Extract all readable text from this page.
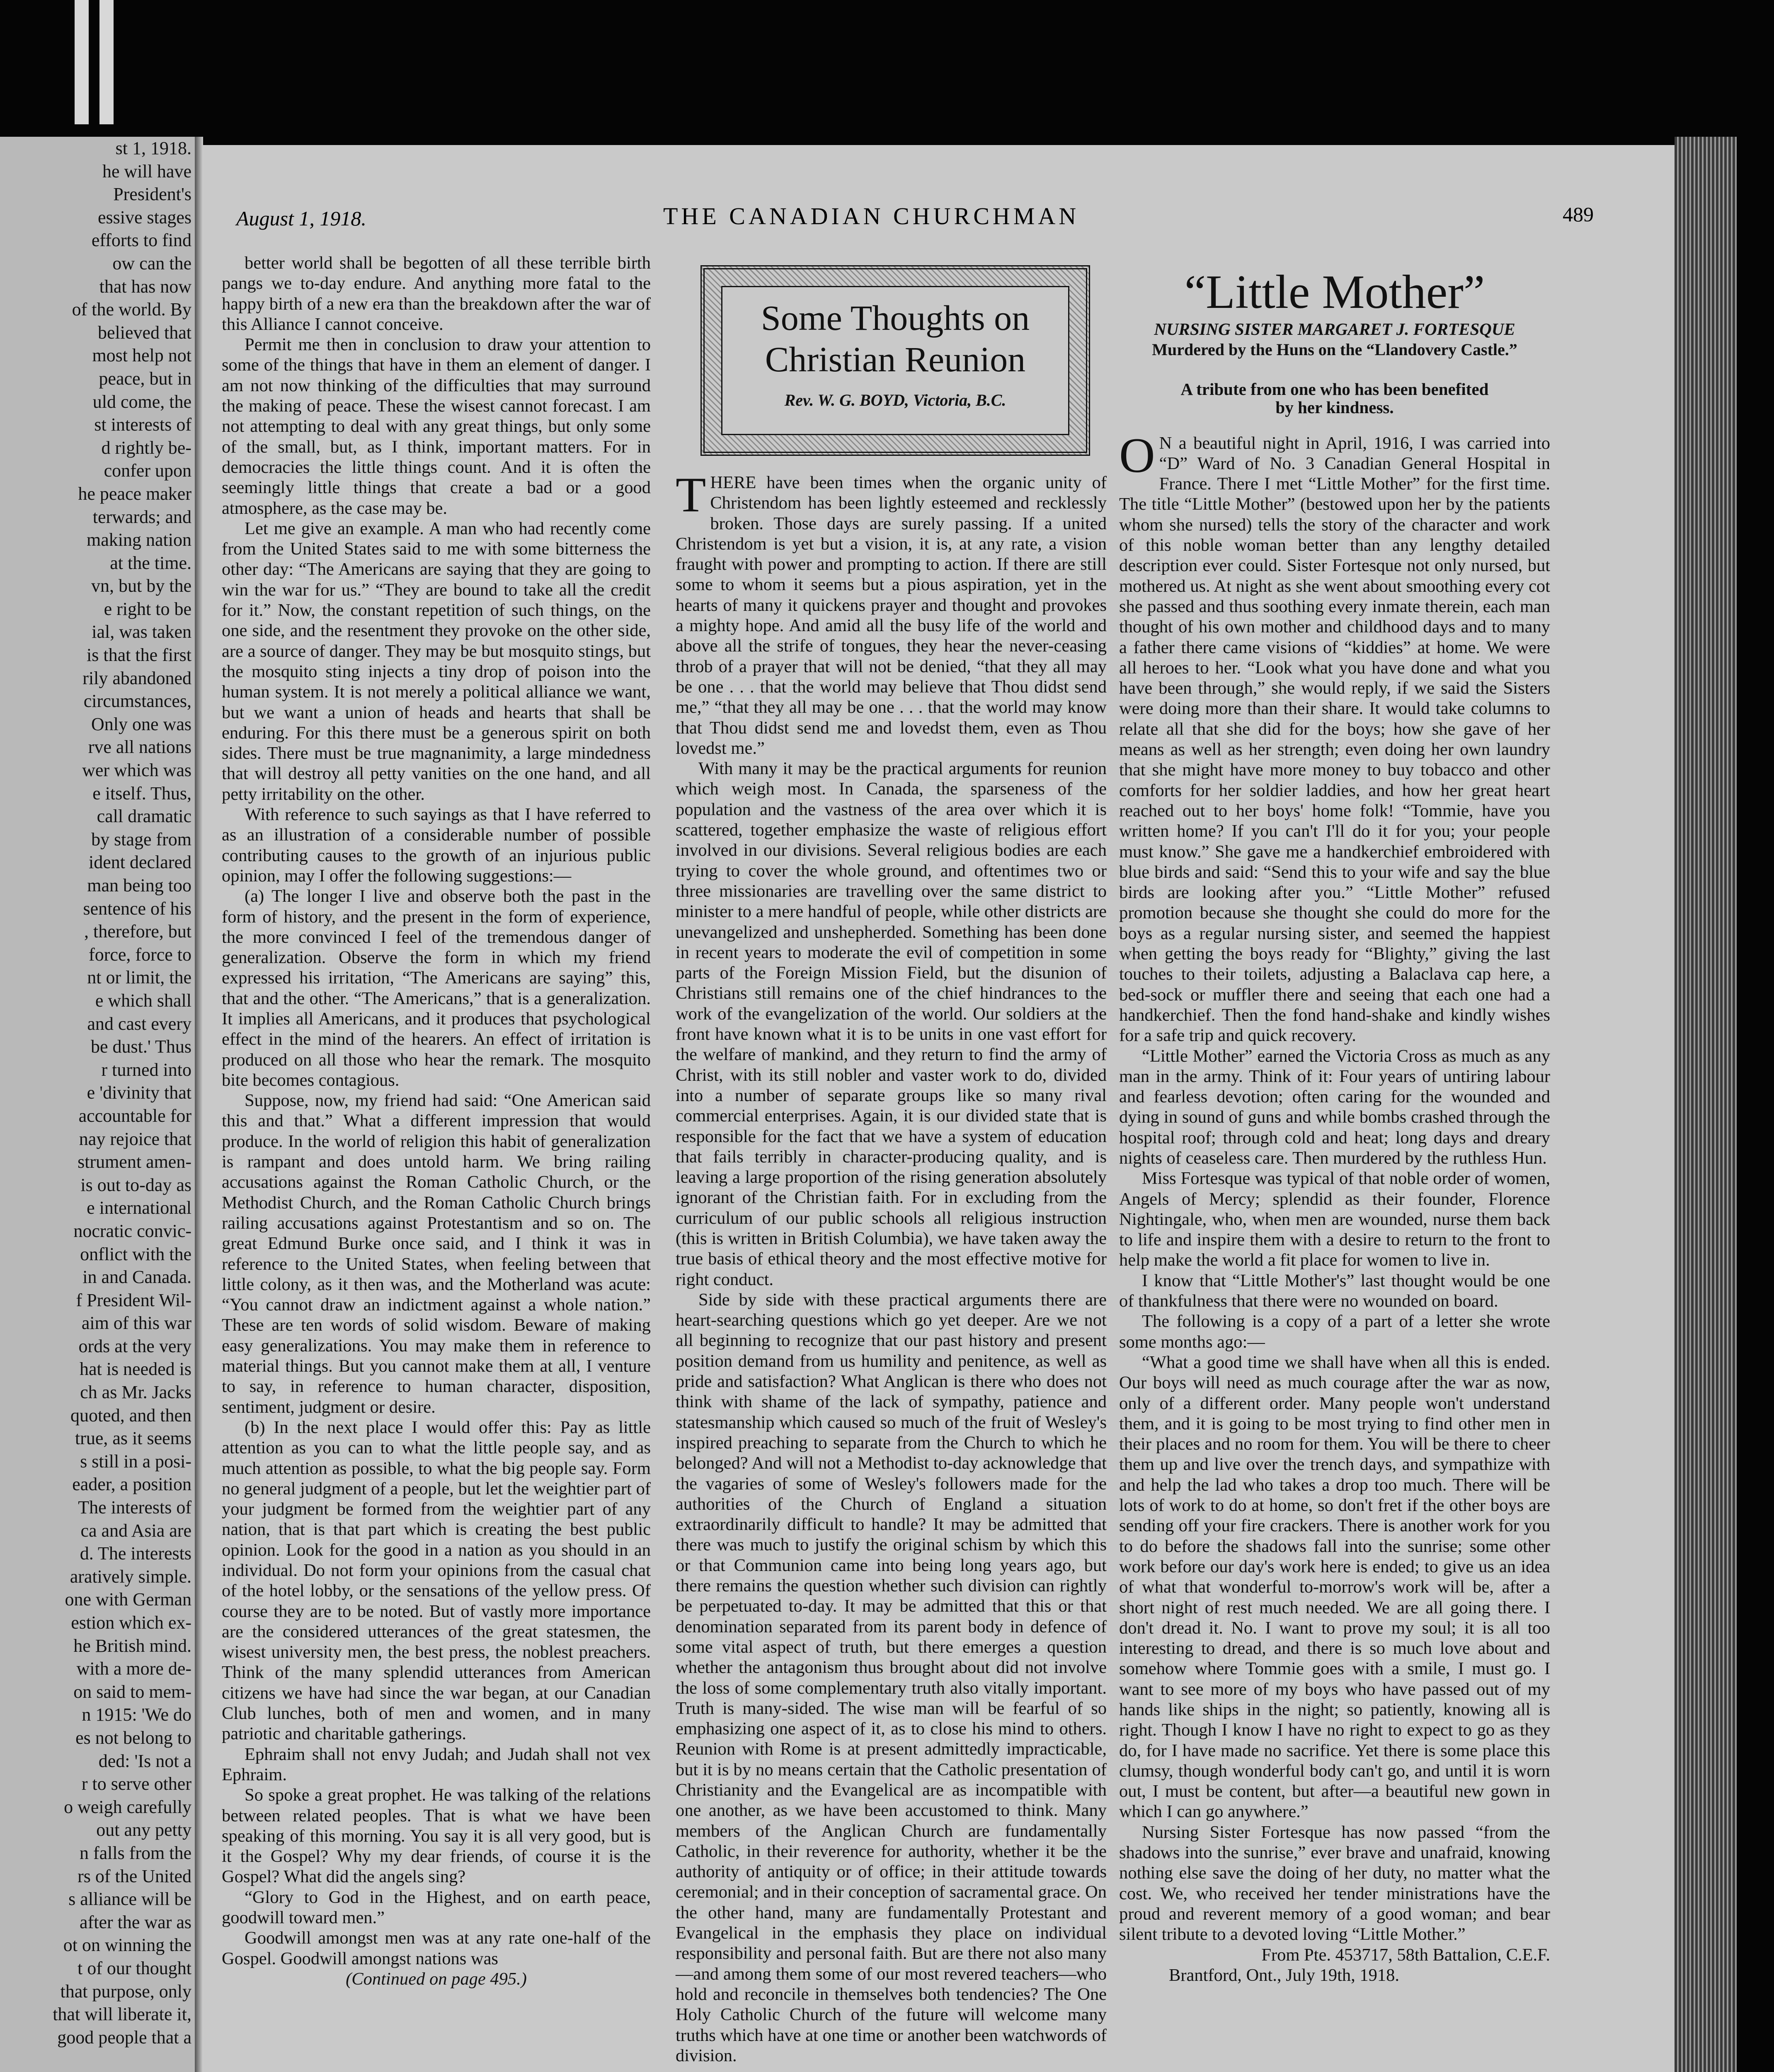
st 1, 1918.
he will have
President's
essive stages
efforts to find
ow can the
that has now
of the world. By
believed that
most help not
peace, but in
uld come, the
st interests of
d rightly be-
confer upon
he peace maker
terwards; and
making nation
at the time.
vn, but by the
e right to be
ial, was taken
is that the first
rily abandoned
circumstances,
Only one was
rve all nations
wer which was
e itself. Thus,
call dramatic
by stage from
ident declared
man being too
sentence of his
, therefore, but
force, force to
nt or limit, the
e which shall
and cast every
be dust.' Thus
r turned into
e 'divinity that
accountable for
nay rejoice that
strument amen-
is out to-day as
e international
nocratic convic-
onflict with the
in and Canada.
f President Wil-
aim of this war
ords at the very
hat is needed is
ch as Mr. Jacks
quoted, and then
true, as it seems
s still in a posi-
eader, a position
The interests of
ca and Asia are
d. The interests
aratively simple.
one with German
estion which ex-
he British mind.
with a more de-
on said to mem-
n 1915: 'We do
es not belong to
ded: 'Is not a
r to serve other
o weigh carefully
out any petty
n falls from the
rs of the United
s alliance will be
after the war as
ot on winning the
t of our thought
that purpose, only
that will liberate it,
good people that a
August 1, 1918.	THE CANADIAN CHURCHMAN	489

better world shall be begotten of all these terrible birth pangs we to-day endure. And anything more fatal to the happy birth of a new era than the breakdown after the war of this Alliance I cannot conceive.

Permit me then in conclusion to draw your attention to some of the things that have in them an element of danger. I am not now thinking of the difficulties that may surround the making of peace. These the wisest cannot forecast. I am not attempting to deal with any great things, but only some of the small, but, as I think, important matters. For in democracies the little things count. And it is often the seemingly little things that create a bad or a good atmosphere, as the case may be.

Let me give an example. A man who had recently come from the United States said to me with some bitterness the other day: “The Americans are saying that they are going to win the war for us.” “They are bound to take all the credit for it.” Now, the constant repetition of such things, on the one side, and the resentment they provoke on the other side, are a source of danger. They may be but mosquito stings, but the mosquito sting injects a tiny drop of poison into the human system. It is not merely a political alliance we want, but we want a union of heads and hearts that shall be enduring. For this there must be a generous spirit on both sides. There must be true magnanimity, a large mindedness that will destroy all petty vanities on the one hand, and all petty irritability on the other.

With reference to such sayings as that I have referred to as an illustration of a considerable number of possible contributing causes to the growth of an injurious public opinion, may I offer the following suggestions:—

(a) The longer I live and observe both the past in the form of history, and the present in the form of experience, the more convinced I feel of the tremendous danger of generalization. Observe the form in which my friend expressed his irritation, “The Americans are saying” this, that and the other. “The Americans,” that is a generalization. It implies all Americans, and it produces that psychological effect in the mind of the hearers. An effect of irritation is produced on all those who hear the remark. The mosquito bite becomes contagious.

Suppose, now, my friend had said: “One American said this and that.” What a different impression that would produce. In the world of religion this habit of generalization is rampant and does untold harm. We bring railing accusations against the Roman Catholic Church, or the Methodist Church, and the Roman Catholic Church brings railing accusations against Protestantism and so on. The great Edmund Burke once said, and I think it was in reference to the United States, when feeling between that little colony, as it then was, and the Motherland was acute: “You cannot draw an indictment against a whole nation.” These are ten words of solid wisdom. Beware of making easy generalizations. You may make them in reference to material things. But you cannot make them at all, I venture to say, in reference to human character, disposition, sentiment, judgment or desire.

(b) In the next place I would offer this: Pay as little attention as you can to what the little people say, and as much attention as possible, to what the big people say. Form no general judgment of a people, but let the weightier part of your judgment be formed from the weightier part of any nation, that is that part which is creating the best public opinion. Look for the good in a nation as you should in an individual. Do not form your opinions from the casual chat of the hotel lobby, or the sensations of the yellow press. Of course they are to be noted. But of vastly more importance are the considered utterances of the great statesmen, the wisest university men, the best press, the noblest preachers. Think of the many splendid utterances from American citizens we have had since the war began, at our Canadian Club lunches, both of men and women, and in many patriotic and charitable gatherings.

Ephraim shall not envy Judah; and Judah shall not vex Ephraim.

So spoke a great prophet. He was talking of the relations between related peoples. That is what we have been speaking of this morning. You say it is all very good, but is it the Gospel? Why my dear friends, of course it is the Gospel? What did the angels sing?

“Glory to God in the Highest, and on earth peace, goodwill toward men.”

Goodwill amongst men was at any rate one-half of the Gospel. Goodwill amongst nations was

(Continued on page 495.)

Some Thoughts on Christian Reunion
Rev. W. G. BOYD, Victoria, B.C.

THERE have been times when the organic unity of Christendom has been lightly esteemed and recklessly broken. Those days are surely passing. If a united Christendom is yet but a vision, it is, at any rate, a vision fraught with power and prompting to action. If there are still some to whom it seems but a pious aspiration, yet in the hearts of many it quickens prayer and thought and provokes a mighty hope. And amid all the busy life of the world and above all the strife of tongues, they hear the never-ceasing throb of a prayer that will not be denied, “that they all may be one . . . that the world may believe that Thou didst send me,” “that they all may be one . . . that the world may know that Thou didst send me and lovedst them, even as Thou lovedst me.”

With many it may be the practical arguments for reunion which weigh most. In Canada, the sparseness of the population and the vastness of the area over which it is scattered, together emphasize the waste of religious effort involved in our divisions. Several religious bodies are each trying to cover the whole ground, and oftentimes two or three missionaries are travelling over the same district to minister to a mere handful of people, while other districts are unevangelized and unshepherded. Something has been done in recent years to moderate the evil of competition in some parts of the Foreign Mission Field, but the disunion of Christians still remains one of the chief hindrances to the work of the evangelization of the world. Our soldiers at the front have known what it is to be units in one vast effort for the welfare of mankind, and they return to find the army of Christ, with its still nobler and vaster work to do, divided into a number of separate groups like so many rival commercial enterprises. Again, it is our divided state that is responsible for the fact that we have a system of education that fails terribly in character-producing quality, and is leaving a large proportion of the rising generation absolutely ignorant of the Christian faith. For in excluding from the curriculum of our public schools all religious instruction (this is written in British Columbia), we have taken away the true basis of ethical theory and the most effective motive for right conduct.

Side by side with these practical arguments there are heart-searching questions which go yet deeper. Are we not all beginning to recognize that our past history and present position demand from us humility and penitence, as well as pride and satisfaction? What Anglican is there who does not think with shame of the lack of sympathy, patience and statesmanship which caused so much of the fruit of Wesley's inspired preaching to separate from the Church to which he belonged? And will not a Methodist to-day acknowledge that the vagaries of some of Wesley's followers made for the authorities of the Church of England a situation extraordinarily difficult to handle? It may be admitted that there was much to justify the original schism by which this or that Communion came into being long years ago, but there remains the question whether such division can rightly be perpetuated to-day. It may be admitted that this or that denomination separated from its parent body in defence of some vital aspect of truth, but there emerges a question whether the antagonism thus brought about did not involve the loss of some complementary truth also vitally important. Truth is many-sided. The wise man will be fearful of so emphasizing one aspect of it, as to close his mind to others. Reunion with Rome is at present admittedly impracticable, but it is by no means certain that the Catholic presentation of Christianity and the Evangelical are as incompatible with one another, as we have been accustomed to think. Many members of the Anglican Church are fundamentally Catholic, in their reverence for authority, whether it be the authority of antiquity or of office; in their attitude towards ceremonial; and in their conception of sacramental grace. On the other hand, many are fundamentally Protestant and Evangelical in the emphasis they place on individual responsibility and personal faith. But are there not also many—and among them some of our most revered teachers—who hold and reconcile in themselves both tendencies? The One Holy Catholic Church of the future will welcome many truths which have at one time or another been watchwords of division.

“Little Mother”
NURSING SISTER MARGARET J. FORTESQUE
Murdered by the Huns on the “Llandovery Castle.”
A tribute from one who has been benefited by her kindness.

O N a beautiful night in April, 1916, I was carried into “D” Ward of No. 3 Canadian General Hospital in France. There I met “Little Mother” for the first time. The title “Little Mother” (bestowed upon her by the patients whom she nursed) tells the story of the character and work of this noble woman better than any lengthy detailed description ever could. Sister Fortesque not only nursed, but mothered us. At night as she went about smoothing every cot she passed and thus soothing every inmate therein, each man thought of his own mother and childhood days and to many a father there came visions of “kiddies” at home. We were all heroes to her. “Look what you have done and what you have been through,” she would reply, if we said the Sisters were doing more than their share. It would take columns to relate all that she did for the boys; how she gave of her means as well as her strength; even doing her own laundry that she might have more money to buy tobacco and other comforts for her soldier laddies, and how her great heart reached out to her boys' home folk! “Tommie, have you written home? If you can't I'll do it for you; your people must know.” She gave me a handkerchief embroidered with blue birds and said: “Send this to your wife and say the blue birds are looking after you.” “Little Mother” refused promotion because she thought she could do more for the boys as a regular nursing sister, and seemed the happiest when getting the boys ready for “Blighty,” giving the last touches to their toilets, adjusting a Balaclava cap here, a bed-sock or muffler there and seeing that each one had a handkerchief. Then the fond hand-shake and kindly wishes for a safe trip and quick recovery.

“Little Mother” earned the Victoria Cross as much as any man in the army. Think of it: Four years of untiring labour and fearless devotion; often caring for the wounded and dying in sound of guns and while bombs crashed through the hospital roof; through cold and heat; long days and dreary nights of ceaseless care. Then murdered by the ruthless Hun.

Miss Fortesque was typical of that noble order of women, Angels of Mercy; splendid as their founder, Florence Nightingale, who, when men are wounded, nurse them back to life and inspire them with a desire to return to the front to help make the world a fit place for women to live in.

I know that “Little Mother's” last thought would be one of thankfulness that there were no wounded on board.

The following is a copy of a part of a letter she wrote some months ago:—

“What a good time we shall have when all this is ended. Our boys will need as much courage after the war as now, only of a different order. Many people won't understand them, and it is going to be most trying to find other men in their places and no room for them. You will be there to cheer them up and live over the trench days, and sympathize with and help the lad who takes a drop too much. There will be lots of work to do at home, so don't fret if the other boys are sending off your fire crackers. There is another work for you to do before the shadows fall into the sunrise; some other work before our day's work here is ended; to give us an idea of what that wonderful to-morrow's work will be, after a short night of rest much needed. We are all going there. I don't dread it. No. I want to prove my soul; it is all too interesting to dread, and there is so much love about and somehow where Tommie goes with a smile, I must go. I want to see more of my boys who have passed out of my hands like ships in the night; so patiently, knowing all is right. Though I know I have no right to expect to go as they do, for I have made no sacrifice. Yet there is some place this clumsy, though wonderful body can't go, and until it is worn out, I must be content, but after—a beautiful new gown in which I can go anywhere.”

Nursing Sister Fortesque has now passed “from the shadows into the sunrise,” ever brave and unafraid, knowing nothing else save the doing of her duty, no matter what the cost. We, who received her tender ministrations have the proud and reverent memory of a good woman; and bear silent tribute to a devoted loving “Little Mother.”

From Pte. 453717, 58th Battalion, C.E.F.

Brantford, Ont., July 19th, 1918.
